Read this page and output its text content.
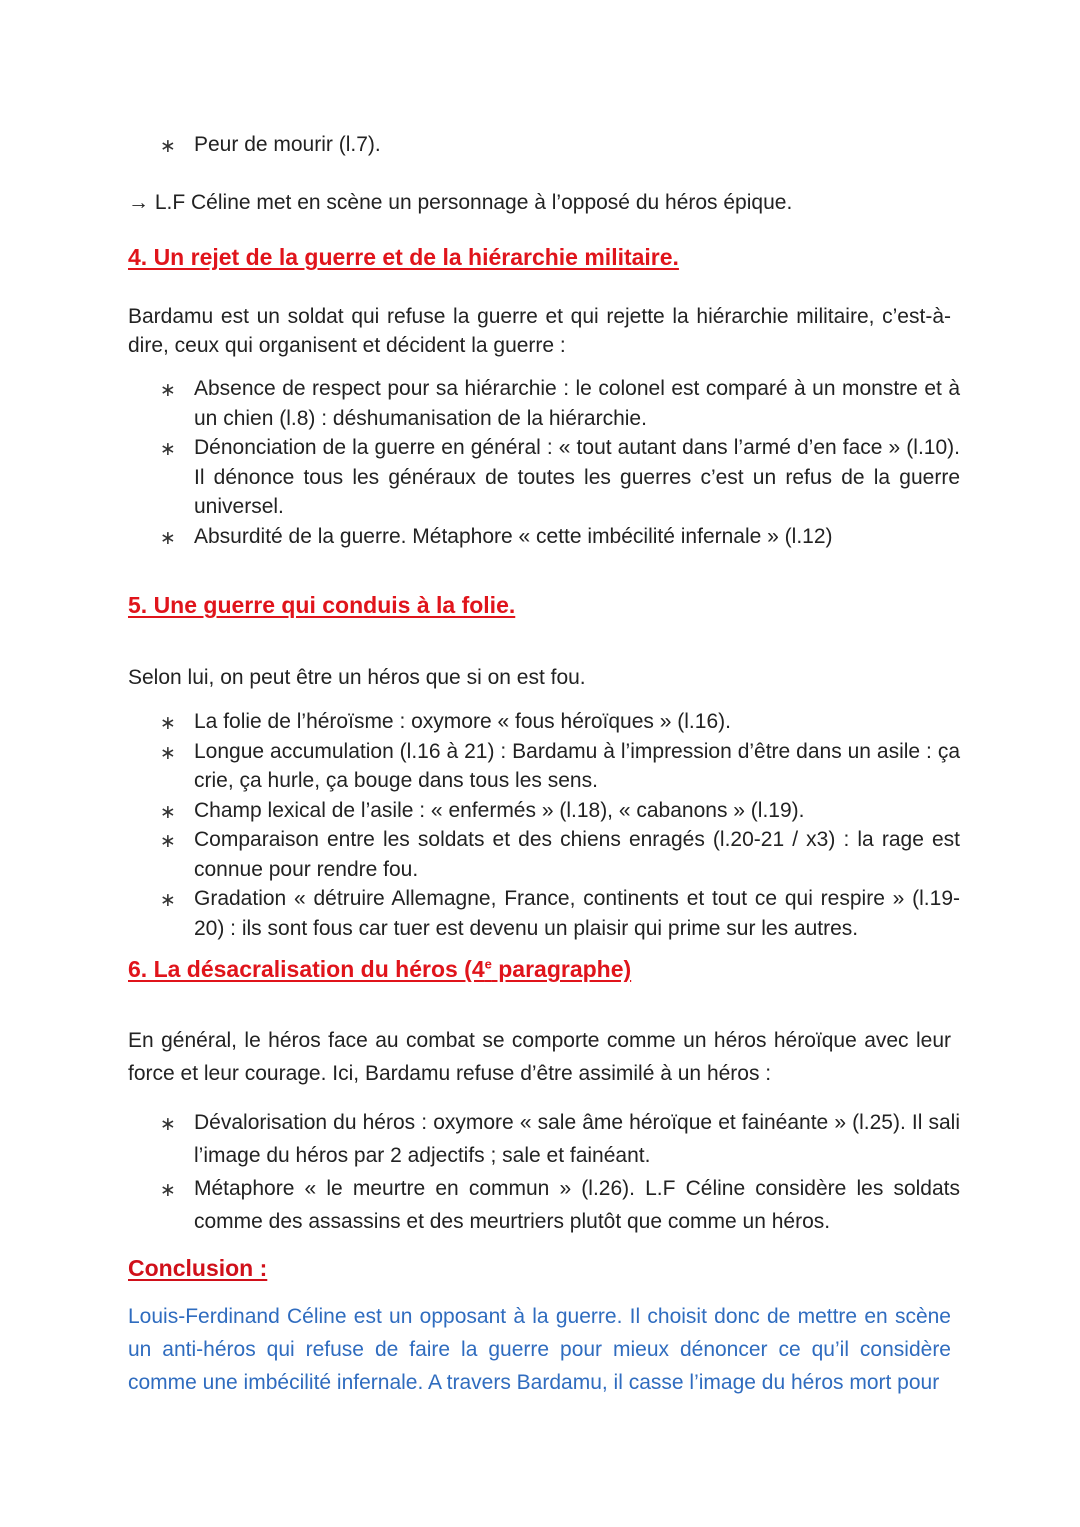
∗ Peur de mourir (l.7).
→ L.F Céline met en scène un personnage à l’opposé du héros épique.
4. Un rejet de la guerre et de la hiérarchie militaire.
Bardamu est un soldat qui refuse la guerre et qui rejette la hiérarchie militaire, c’est-à-dire, ceux qui organisent et décident la guerre :
∗ Absence de respect pour sa hiérarchie : le colonel est comparé à un monstre et à un chien (l.8) : déshumanisation de la hiérarchie.
∗ Dénonciation de la guerre en général : « tout autant dans l’armé d’en face » (l.10). Il dénonce tous les généraux de toutes les guerres c’est un refus de la guerre universel.
∗ Absurdité de la guerre. Métaphore « cette imbécilité infernale » (l.12)
5. Une guerre qui conduis à la folie.
Selon lui, on peut être un héros que si on est fou.
∗ La folie de l’héroïsme : oxymore « fous héroïques » (l.16).
∗ Longue accumulation (l.16 à 21) : Bardamu à l’impression d’être dans un asile : ça crie, ça hurle, ça bouge dans tous les sens.
∗ Champ lexical de l’asile : « enfermés » (l.18), « cabanons » (l.19).
∗ Comparaison entre les soldats et des chiens enragés (l.20-21 / x3) : la rage est connue pour rendre fou.
∗ Gradation « détruire Allemagne, France, continents et tout ce qui respire » (l.19-20) : ils sont fous car tuer est devenu un plaisir qui prime sur les autres.
6. La désacralisation du héros (4e paragraphe)
En général, le héros face au combat se comporte comme un héros héroïque avec leur force et leur courage. Ici, Bardamu refuse d’être assimilé à un héros :
∗ Dévalorisation du héros : oxymore « sale âme héroïque et fainéante » (l.25). Il sali l’image du héros par 2 adjectifs ; sale et fainéant.
∗ Métaphore « le meurtre en commun » (l.26). L.F Céline considère les soldats comme des assassins et des meurtriers plutôt que comme un héros.
Conclusion :
Louis-Ferdinand Céline est un opposant à la guerre. Il choisit donc de mettre en scène un anti-héros qui refuse de faire la guerre pour mieux dénoncer ce qu’il considère comme une imbécilité infernale. A travers Bardamu, il casse l’image du héros mort pour
